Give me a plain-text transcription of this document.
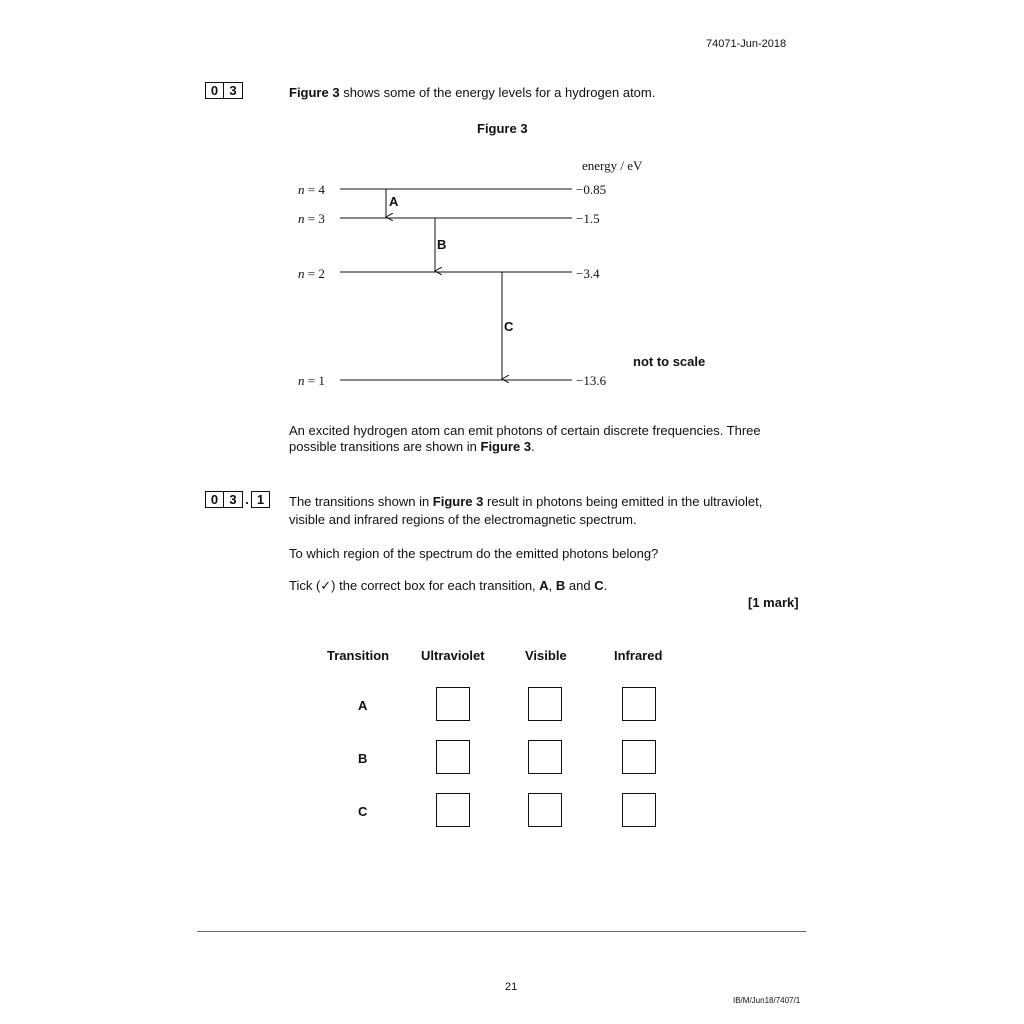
74071-Jun-2018
0 3	Figure 3 shows some of the energy levels for a hydrogen atom.
Figure 3
n = 4
n = 3
n = 2
n = 1
energy / eV
−0.85
−1.5
−3.4
−13.6
A
B
C
not to scale
An excited hydrogen atom can emit photons of certain discrete frequencies. Three
possible transitions are shown in Figure 3.
0 3 . 1	The transitions shown in Figure 3 result in photons being emitted in the ultraviolet,
visible and infrared regions of the electromagnetic spectrum.
To which region of the spectrum do the emitted photons belong?
Tick (✓) the correct box for each transition, A, B and C.
[1 mark]
Transition Ultraviolet	Visible	Infrared
A
B
C
21
IB/M/Jun18/7407/1
